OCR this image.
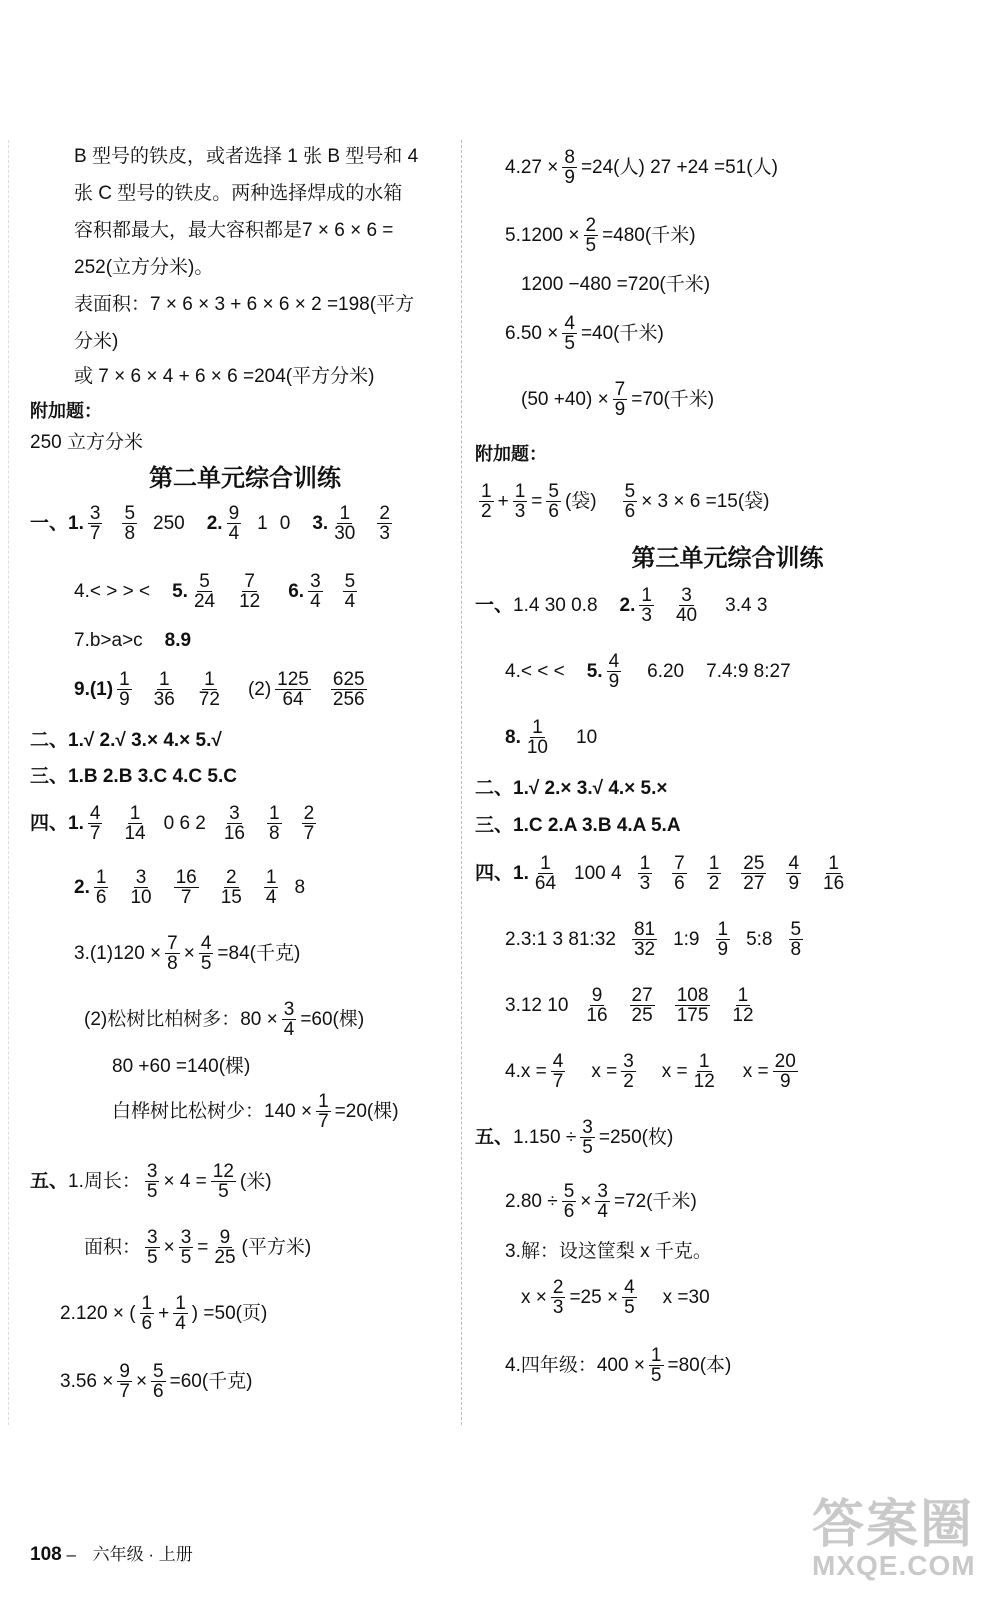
B 型号的铁皮，或者选择 1 张 B 型号和 4
张 C 型号的铁皮。两种选择焊成的水箱
容积都最大，最大容积都是7 × 6 × 6 =
252(立方分米)。
表面积：7 × 6 × 3 + 6 × 6 × 2 =198(平方
分米)
或 7 × 6 × 4 + 6 × 6 =204(平方分米)
附加题：
250 立方分米
第二单元综合训练
一、1. $\frac{3}{7} \frac{5}{8} 250$ 2. $\frac{9}{4} 1$ 0 3. $\frac{1}{30} \frac{2}{3}$
4.< > > < 5. $\frac{5}{24} \frac{7}{12} 6$. $\frac{3}{4} \frac{5}{4}$
7.b>a>c 8.9
$9.(1) \frac{1}{9} \frac{1}{36} \frac{1}{72} (2) \frac{125}{64} \frac{625}{256}$
二、1.√ 2.√ 3.× 4.× 5.√
三、1.B 2.B 3.C 4.C 5.C
四、1. $\frac{4}{7} \frac{1}{14} 0$ 6 $2 \frac{3}{16} \frac{1}{8} \frac{2}{7}$
2. $\frac{1}{6} \frac{3}{10} \frac{16}{7} \frac{2}{15} \frac{1}{4} 8$
$3.(1)120 \times \frac{7}{8} \times \frac{4}{5} =84$(千克)
(2)松树比柏树多：$80 \times \frac{3}{4} =60$(棵)
80 +60 =140(棵)
白桦树比松树少：$140 \times \frac{1}{7} =20$(棵)
五、1.周长： $\frac{3}{5} \times 4 = \frac{12}{5}$ (米)
面积： $\frac{3}{5} \times \frac{3}{5} = \frac{9}{25}$ (平方米)
2.120 × ( $\frac{1}{6} + \frac{1}{4}$ ) =50(页)
$3.56 \times \frac{9}{7} \times \frac{5}{6} =60$(千克)
108 – 六年级 · 上册
$4.27 \times \frac{8}{9} =24$(人) 27 +24 =51(人)
$5.1200 \times \frac{2}{5} =480$(千米)
1200 −480 =720(千米)
$6.50 \times \frac{4}{5} =40$(千米)
$(50 +40) \times \frac{7}{9} =70$(千米)
附加题：
$\frac{1}{2} + \frac{1}{3} = \frac{5}{6}$ (袋) $\frac{5}{6} \times 3 \times 6 =15$(袋)
第三单元综合训练
一、1.4 30 0.8 2. $\frac{1}{3} \frac{3}{40} 3.4$ 3
4.< < < 5. $\frac{4}{9} 6.20$ 7.4:9 8:27
8. $\frac{1}{10} 10$
二、1.√ 2.× 3.√ 4.× 5.×
三、1.C 2.A 3.B 4.A 5.A
四、1. $\frac{1}{64} 100$ $4 \frac{1}{3} \frac{7}{6} \frac{1}{2} \frac{25}{27} \frac{4}{9} \frac{1}{16}$
2.3:1 3 81:32 $\frac{81}{32}$ 1:9 $\frac{1}{9}$ 5:8 $\frac{5}{8}$
3.12 $10 \frac{9}{16} \frac{27}{25} \frac{108}{175} \frac{1}{12}$
$4.x = \frac{4}{7}$ $x = \frac{3}{2}$ $x = \frac{1}{12}$ $x = \frac{20}{9}$
五、$1.150 \div \frac{3}{5} =250$(枚)
$2.80 \div \frac{5}{6} \times \frac{3}{4} =72$(千米)
3.解：设这筐梨 x 千克。
$x \times \frac{2}{3} =25 \times \frac{4}{5}$ x =30
4.四年级：$400 \times \frac{1}{5} =80$(本)
答案圈
MXQE.COM
